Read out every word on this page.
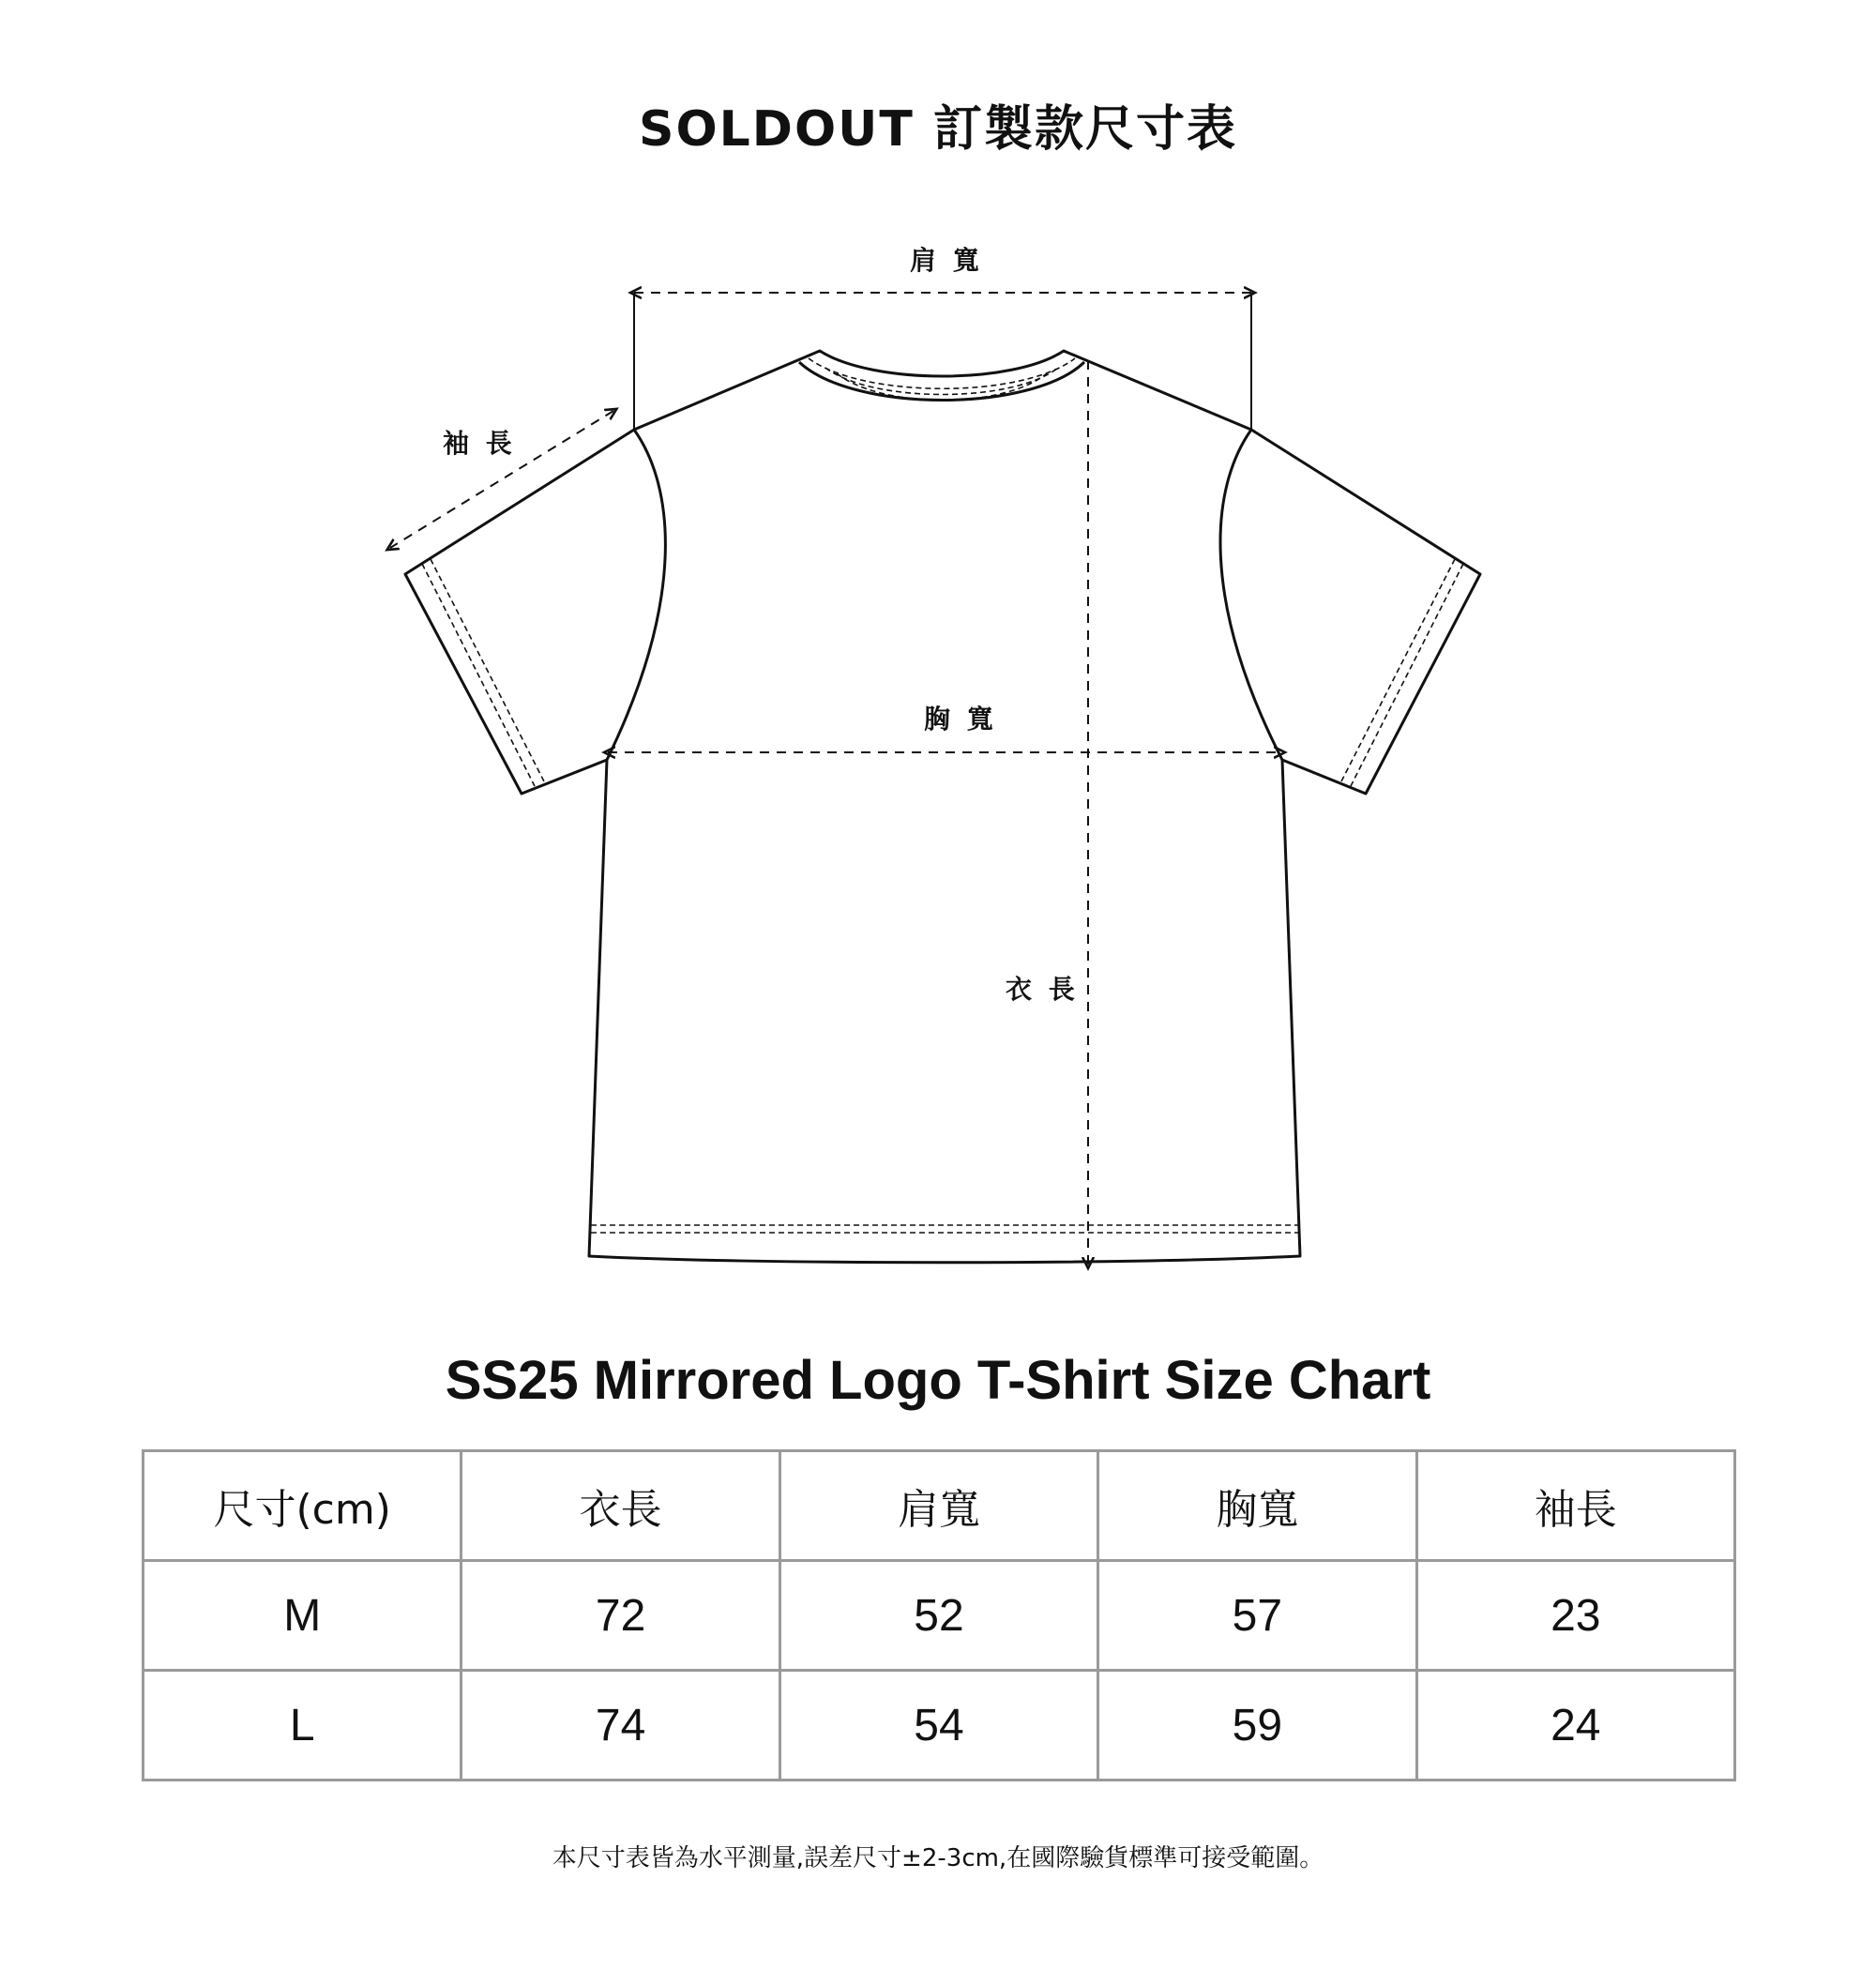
SOLDOUT 訂製款尺寸表
肩 寬
袖 長
胸 寬
衣 長
SS25 Mirrored Logo T-Shirt Size Chart
尺寸(cm)	衣長	肩寬	胸寬	袖長
M	72	52	57	23
L	74	54	59	24
本尺寸表皆為水平測量,誤差尺寸±2-3cm,在國際驗貨標準可接受範圍。
